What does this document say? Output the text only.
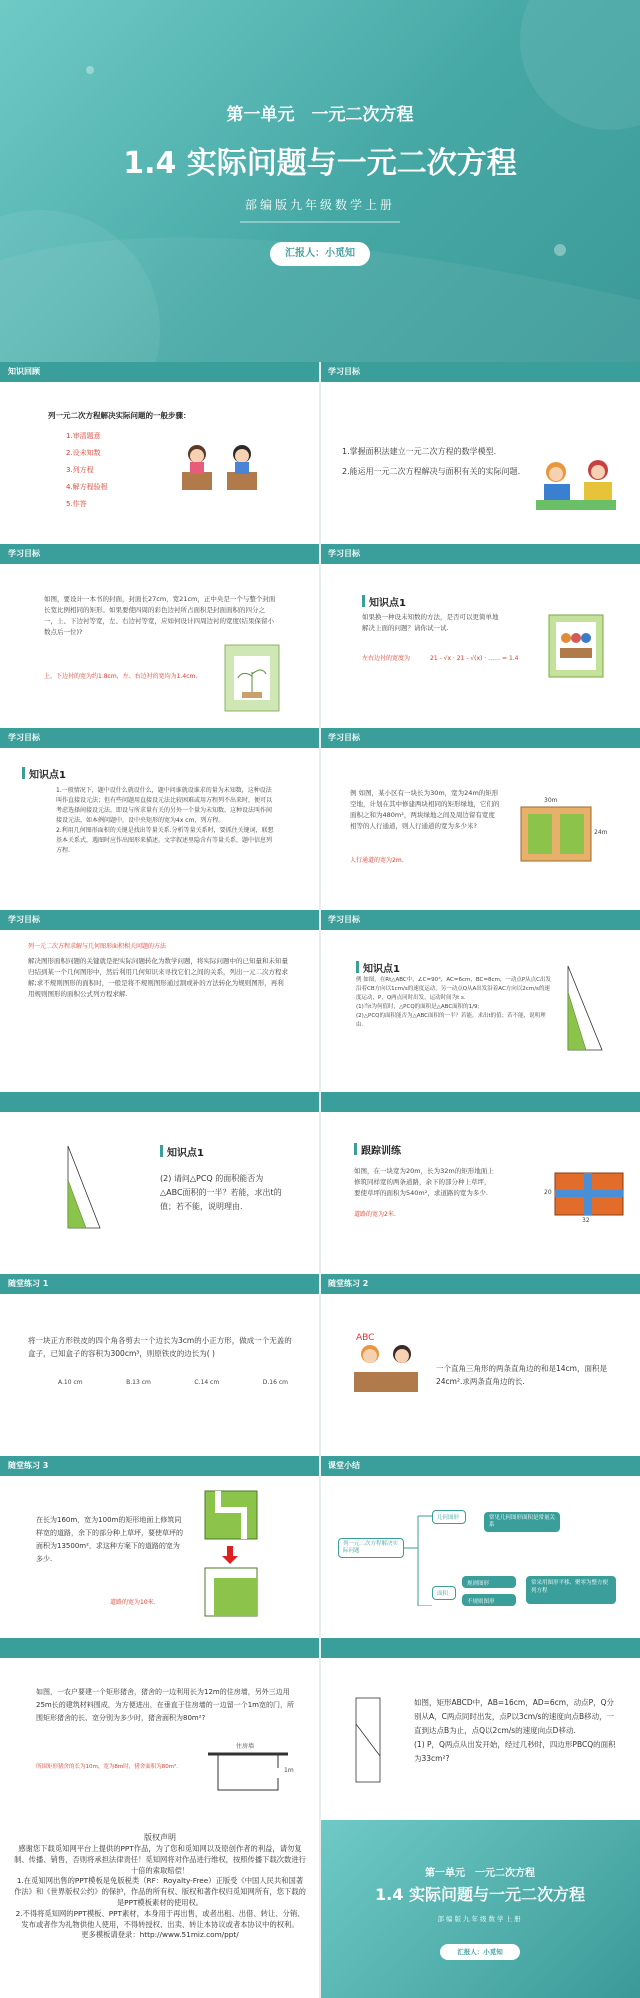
第一单元　一元二次方程
1.4 实际问题与一元二次方程
部编版九年级数学上册
汇报人：小觅知
知识回顾
列一元二次方程解决实际问题的一般步骤：
1.审清题意
2.设未知数
3.列方程
4.解方程验根
5.作答
学习目标
1.掌握面积法建立一元二次方程的数学模型.
2.能运用一元二次方程解决与面积有关的实际问题.
学习目标
如图，要设计一本书的封面，封面长27cm，宽21cm，正中央是一个与整个封面长宽比例相同的矩形。如果要使四周的彩色边衬所占面积是封面面积的四分之一，上、下边衬等宽，左、右边衬等宽，应如何设计四周边衬的宽度(结果保留小数点后一位)?
上、下边衬的宽为约1.8cm，左、右边衬的宽均为1.4cm.
学习目标
知识点1
如果换一种设未知数的方法，是否可以更简单地解决上面的问题？请你试一试.
左右边衬的宽度为	21 - √x · 21 - √(x) · …… = 1.4
学习目标
知识点1
1.一般情况下，题中设什么就设什么，题中问谁就设谁求的量为未知数，这种设法叫作直接设元法；但有些问题用直接设元法比较困难或用方程列不出来时，便可以考虑选择间接设元法，即设与所求量有关的另外一个量为未知数。这种设法叫作间接设元法，如本例问题中，设中央矩形的宽为4x cm，列方程。
2.利用几何图形面积的关键是找出等量关系.分析等量关系时，要抓住关键词，联想基本关系式，遇图时应作出图形来描述。文字叙述里隐含有等量关系，题中信息列方程.
学习目标
例 如图，某小区有一块长为30m，宽为24m的矩形空地，计划在其中修建两块相同的矩形绿地，它们的面积之和为480m²，两块绿地之间及周边留有宽度相等的人行通道，则人行通道的宽为多少米?
人行通道的宽为2m.
30m
24m
学习目标
列一元二次方程求解与几何图形面积相关问题的方法
解决图形面积问题的关键就是把实际问题转化为数学问题，将实际问题中的已知量和未知量归结到某一个几何图形中，然后利用几何知识来寻找它们之间的关系，列出一元二次方程求解;求不规则图形的面积时，一般是将不规则图形通过割或补的方法转化为规则图形，再利用规则图形的面积公式列方程求解.
学习目标
知识点1
例 如图，在Rt△ABC中，∠C=90°，AC=6cm，BC=8cm，一动点P从点C出发沿着CB方向以1cm/s的速度运动，另一动点Q从A出发沿着AC方向以2cm/s的速度运动，P，Q两点同时出发，运动时间为t s.
(1)当t为何值时，△PCQ的面积是△ABC面积的1/9;
(2)△PCQ的面积能否为△ABC面积的一半？若能，求出t的值；若不能，说明理由.
知识点1
(2) 请问△PCQ 的面积能否为△ABC面积的一半？若能，求出t的值；若不能，说明理由.
跟踪训练
如图，在一块宽为20m，长为32m的矩形地面上修筑同样宽的两条道路，余下的部分种上草坪，要使草坪的面积为540m²，求道路的宽为多少.
道路的宽为2米.
20
32
随堂练习 1
将一块正方形铁皮的四个角各剪去一个边长为3cm的小正方形，做成一个无盖的盒子，已知盒子的容积为300cm³，则原铁皮的边长为( )
A.10 cm	B.13 cm	C.14 cm	D.16 cm
随堂练习 2
ABC
一个直角三角形的两条直角边的和是14cm，面积是24cm².求两条直角边的长.
随堂练习 3
在长为160m，宽为100m的矩形地面上修筑同样宽的道路，余下的部分种上草坪，要使草坪的面积为13500m²，求这种方案下的道路的宽为多少.
道路的宽为10米.
课堂小结
列一元二次方程解决实际问题
几何图形	常见几何图形面积是常量关系
面积
规则图形
不规则图形
常采用图形平移、聚零为整方便列方程
如图，一农户要建一个矩形猪舍，猪舍的一边利用长为12m的住房墙，另外三边用25m长的建筑材料围成，为方便进出，在垂直于住房墙的一边留一个1m宽的门，所围矩形猪舍的长、宽分别为多少时，猪舍面积为80m²?
所围矩形猪舍的长为10m，宽为8m时，猪舍面积为80m².
住房墙
1m
如图，矩形ABCD中，AB=16cm，AD=6cm，动点P，Q分别从A，C两点同时出发，点P以3cm/s的速度向点B移动，一直到达点B为止，点Q以2cm/s的速度向点D移动.
(1) P，Q两点从出发开始，经过几秒时，四边形PBCQ的面积为33cm²?
版权声明
感谢您下载觅知网平台上提供的PPT作品，为了您和觅知网以及原创作者的利益，请勿复制、传播、销售，否则将承担法律责任！觅知网将对作品进行维权，按照传播下载次数进行十倍的索取赔偿！
1.在觅知网出售的PPT模板是免版税类（RF：Royalty-Free）正版受《中国人民共和国著作法》和《世界版权公约》的保护，作品的所有权、版权和著作权归觅知网所有，您下载的是PPT模板素材的使用权。
2.不得将觅知网的PPT模板、PPT素材，本身用于再出售，或者出租、出借、转让、分销、发布或者作为礼物供他人使用，不得转授权、出卖、转让本协议或者本协议中的权利。
更多模板请登录：http://www.51miz.com/ppt/
第一单元　一元二次方程
1.4 实际问题与一元二次方程
部编版九年级数学上册
汇报人：小觅知
